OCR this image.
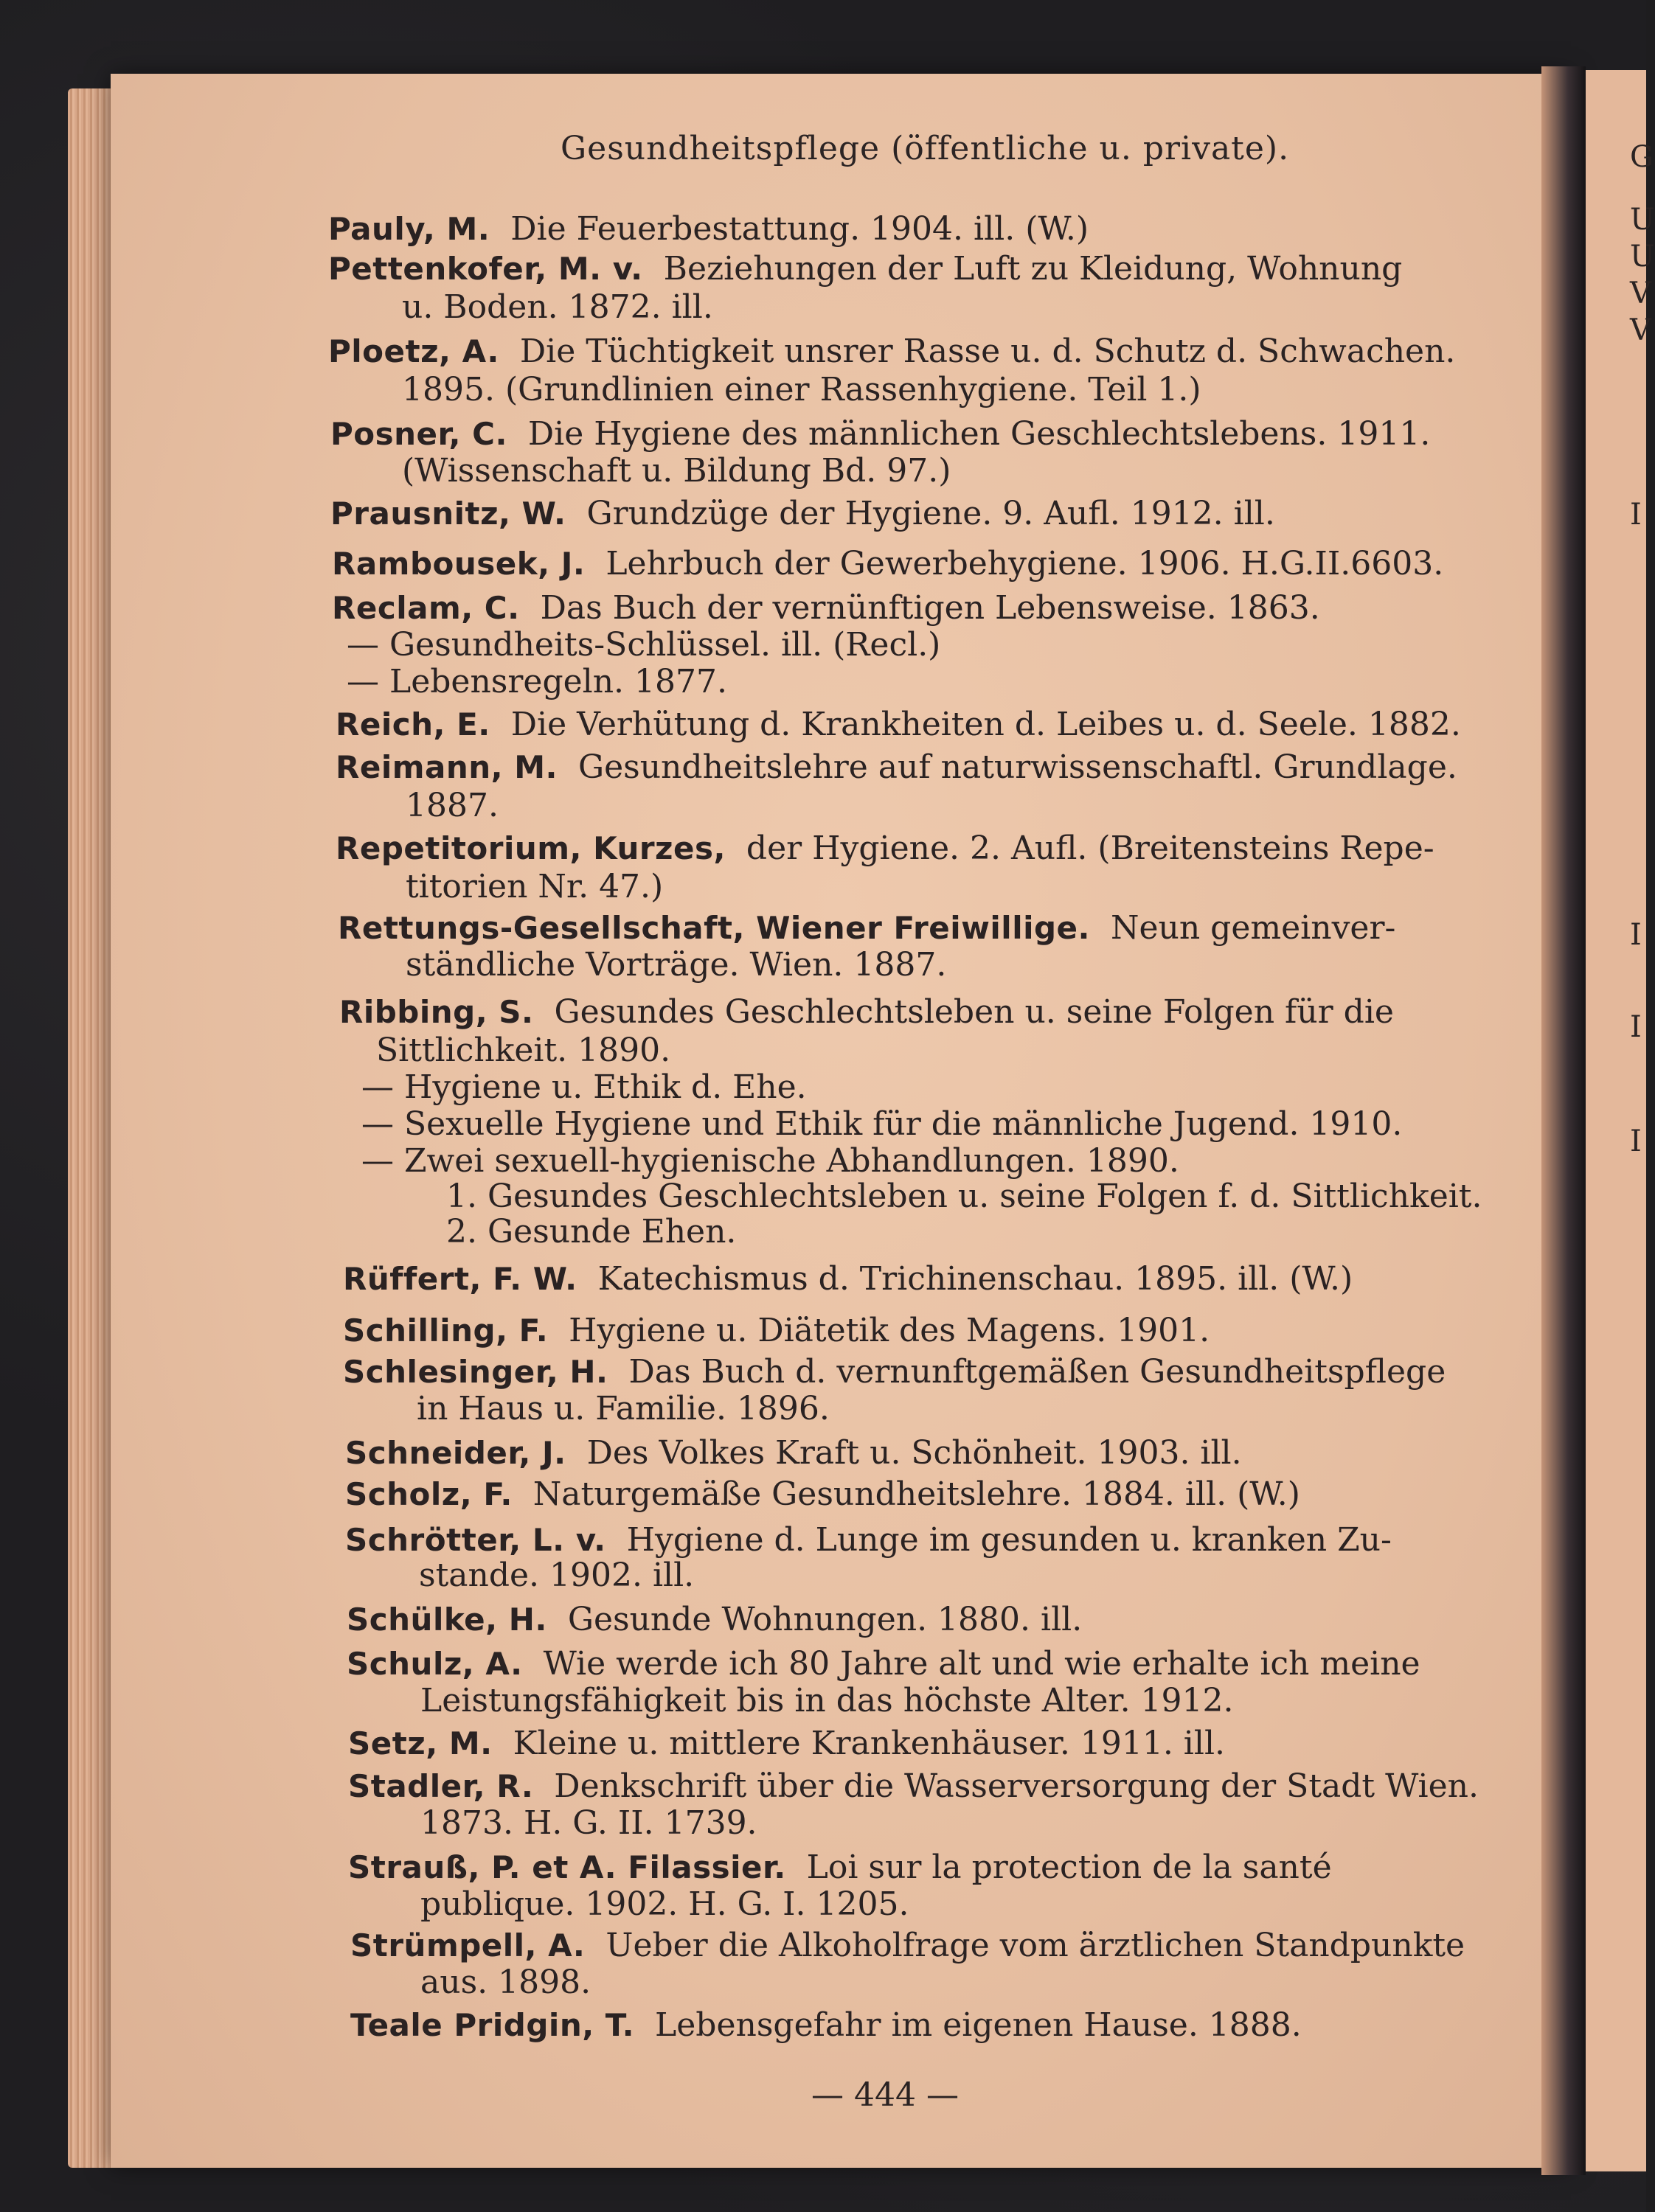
G
U
U
V
V
I
I
I
I
Gesundheitspflege (öffentliche u. private).
Pauly, M. Die Feuerbestattung. 1904. ill. (W.)
Pettenkofer, M. v. Beziehungen der Luft zu Kleidung, Wohnung
u. Boden. 1872. ill.
Ploetz, A. Die Tüchtigkeit unsrer Rasse u. d. Schutz d. Schwachen.
1895. (Grundlinien einer Rassenhygiene. Teil 1.)
Posner, C. Die Hygiene des männlichen Geschlechtslebens. 1911.
(Wissenschaft u. Bildung Bd. 97.)
Prausnitz, W. Grundzüge der Hygiene. 9. Aufl. 1912. ill.
Rambousek, J. Lehrbuch der Gewerbehygiene. 1906. H.G.II.6603.
Reclam, C. Das Buch der vernünftigen Lebensweise. 1863.
— Gesundheits-Schlüssel. ill. (Recl.)
— Lebensregeln. 1877.
Reich, E. Die Verhütung d. Krankheiten d. Leibes u. d. Seele. 1882.
Reimann, M. Gesundheitslehre auf naturwissenschaftl. Grundlage.
1887.
Repetitorium, Kurzes, der Hygiene. 2. Aufl. (Breitensteins Repe-
titorien Nr. 47.)
Rettungs-Gesellschaft, Wiener Freiwillige. Neun gemeinver-
ständliche Vorträge. Wien. 1887.
Ribbing, S. Gesundes Geschlechtsleben u. seine Folgen für die
Sittlichkeit. 1890.
— Hygiene u. Ethik d. Ehe.
— Sexuelle Hygiene und Ethik für die männliche Jugend. 1910.
— Zwei sexuell-hygienische Abhandlungen. 1890.
1. Gesundes Geschlechtsleben u. seine Folgen f. d. Sittlichkeit.
2. Gesunde Ehen.
Rüffert, F. W. Katechismus d. Trichinenschau. 1895. ill. (W.)
Schilling, F. Hygiene u. Diätetik des Magens. 1901.
Schlesinger, H. Das Buch d. vernunftgemäßen Gesundheitspflege
in Haus u. Familie. 1896.
Schneider, J. Des Volkes Kraft u. Schönheit. 1903. ill.
Scholz, F. Naturgemäße Gesundheitslehre. 1884. ill. (W.)
Schrötter, L. v. Hygiene d. Lunge im gesunden u. kranken Zu-
stande. 1902. ill.
Schülke, H. Gesunde Wohnungen. 1880. ill.
Schulz, A. Wie werde ich 80 Jahre alt und wie erhalte ich meine
Leistungsfähigkeit bis in das höchste Alter. 1912.
Setz, M. Kleine u. mittlere Krankenhäuser. 1911. ill.
Stadler, R. Denkschrift über die Wasserversorgung der Stadt Wien.
1873. H. G. II. 1739.
Strauß, P. et A. Filassier. Loi sur la protection de la santé
publique. 1902. H. G. I. 1205.
Strümpell, A. Ueber die Alkoholfrage vom ärztlichen Standpunkte
aus. 1898.
Teale Pridgin, T. Lebensgefahr im eigenen Hause. 1888.
— 444 —
